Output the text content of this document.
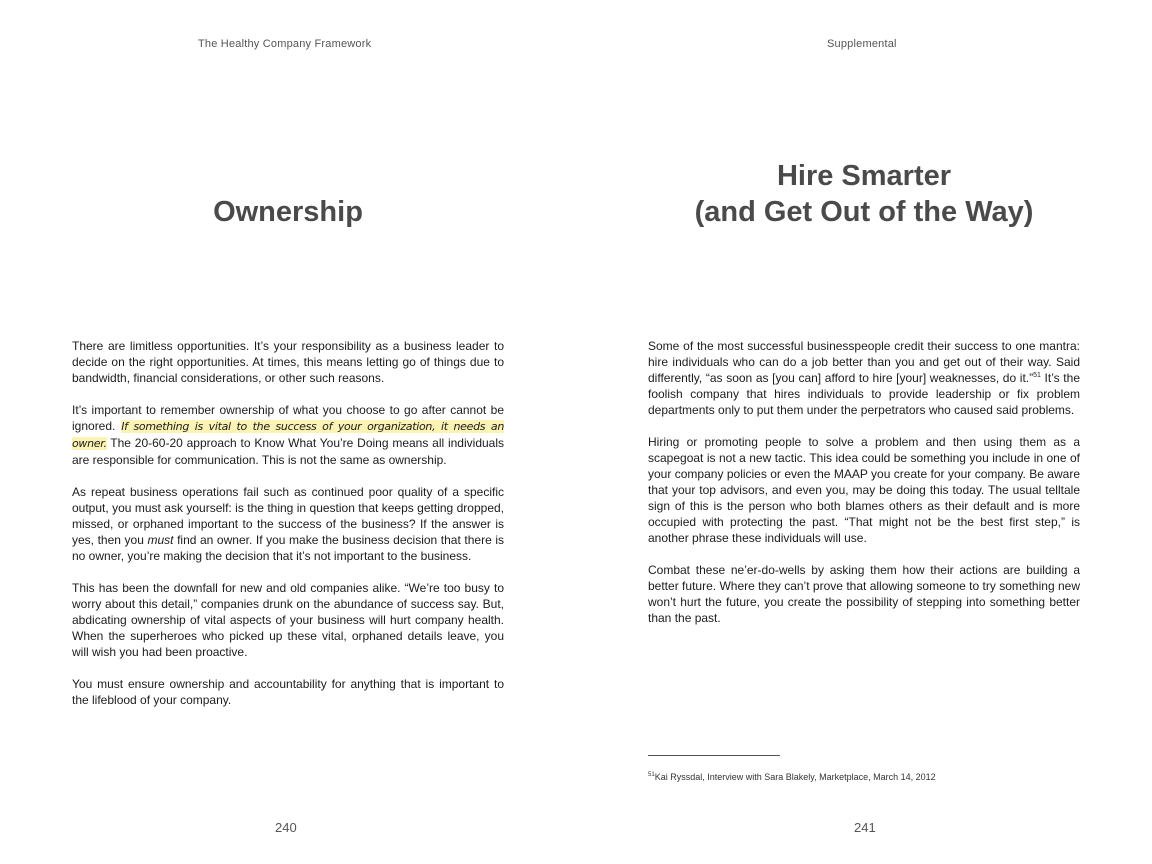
The Healthy Company Framework
Ownership

There are limitless opportunities. It’s your responsibility as a business leader to decide on the right opportunities. At times, this means letting go of things due to bandwidth, financial considerations, or other such reasons.

It’s important to remember ownership of what you choose to go after cannot be ignored. If something is vital to the success of your organization, it needs an owner. The 20-60-20 approach to Know What You’re Doing means all individuals are responsible for communication. This is not the same as ownership.

As repeat business operations fail such as continued poor quality of a specific output, you must ask yourself: is the thing in question that keeps getting dropped, missed, or orphaned important to the success of the business? If the answer is yes, then you must find an owner. If you make the business decision that there is no owner, you’re making the decision that it’s not important to the business.

This has been the downfall for new and old companies alike. “We’re too busy to worry about this detail,” companies drunk on the abundance of success say. But, abdicating ownership of vital aspects of your business will hurt company health. When the superheroes who picked up these vital, orphaned details leave, you will wish you had been proactive.

You must ensure ownership and accountability for anything that is important to the lifeblood of your company.

240
Supplemental
Hire Smarter
(and Get Out of the Way)

Some of the most successful businesspeople credit their success to one mantra: hire individuals who can do a job better than you and get out of their way. Said differently, “as soon as [you can] afford to hire [your] weaknesses, do it.”$^{51}$ It’s the foolish company that hires individuals to provide leadership or fix problem departments only to put them under the perpetrators who caused said problems.

Hiring or promoting people to solve a problem and then using them as a scapegoat is not a new tactic. This idea could be something you include in one of your company policies or even the MAAP you create for your company. Be aware that your top advisors, and even you, may be doing this today. The usual telltale sign of this is the person who both blames others as their default and is more occupied with protecting the past. “That might not be the best first step,” is another phrase these individuals will use.

Combat these ne’er-do-wells by asking them how their actions are building a better future. Where they can’t prove that allowing someone to try something new won’t hurt the future, you create the possibility of stepping into something better than the past.

$^{51}$Kai Ryssdal, Interview with Sara Blakely, Marketplace, March 14, 2012
241
